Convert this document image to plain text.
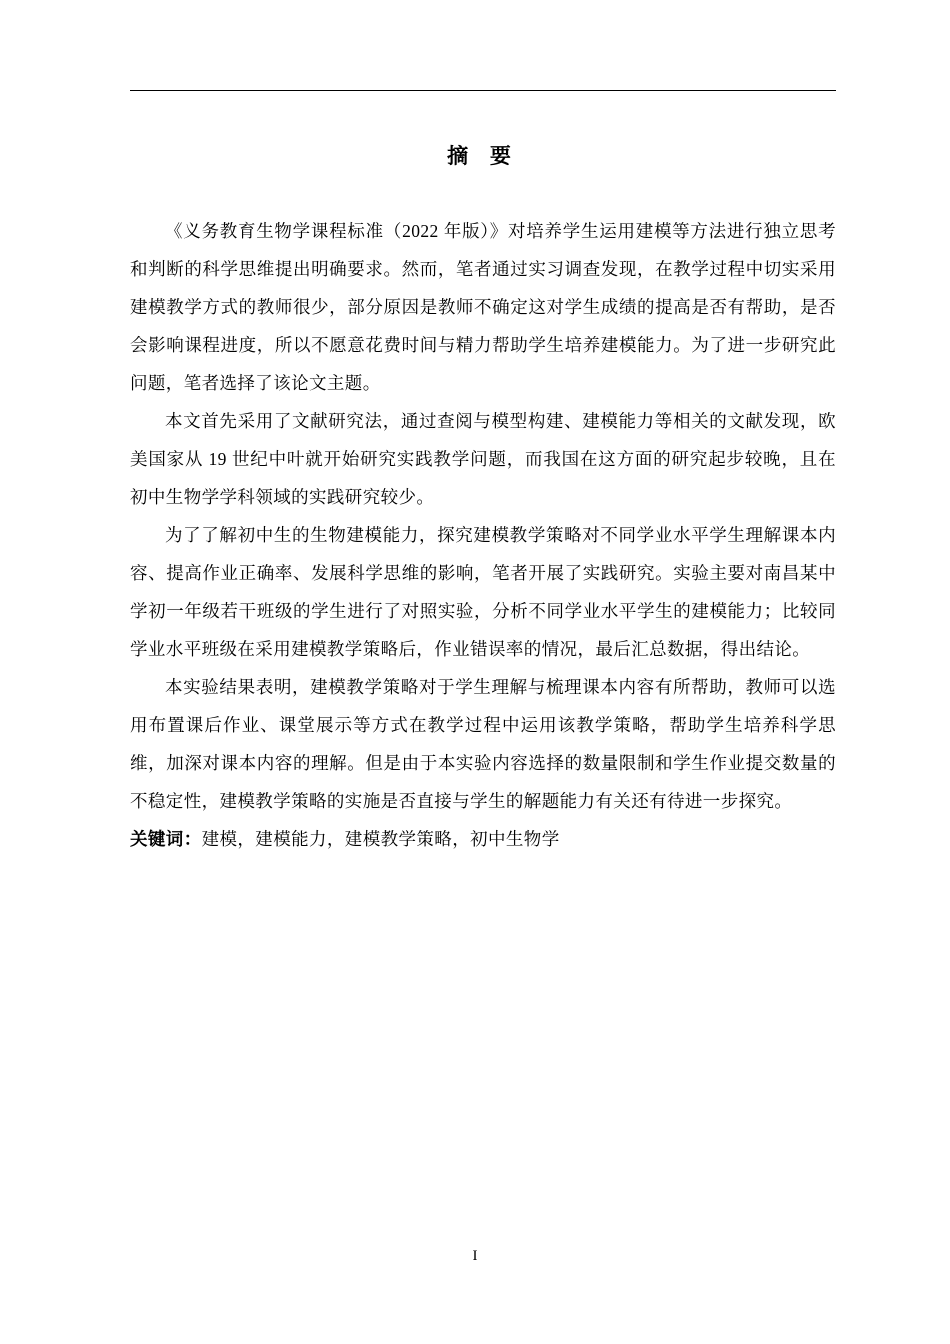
摘 要

《义务教育生物学课程标准（2022 年版）》对培养学生运用建模等方法进行独立思考和判断的科学思维提出明确要求。然而，笔者通过实习调查发现，在教学过程中切实采用建模教学方式的教师很少，部分原因是教师不确定这对学生成绩的提高是否有帮助，是否会影响课程进度，所以不愿意花费时间与精力帮助学生培养建模能力。为了进一步研究此问题，笔者选择了该论文主题。

本文首先采用了文献研究法，通过查阅与模型构建、建模能力等相关的文献发现，欧美国家从 19 世纪中叶就开始研究实践教学问题，而我国在这方面的研究起步较晚，且在初中生物学学科领域的实践研究较少。

为了了解初中生的生物建模能力，探究建模教学策略对不同学业水平学生理解课本内容、提高作业正确率、发展科学思维的影响，笔者开展了实践研究。实验主要对南昌某中学初一年级若干班级的学生进行了对照实验，分析不同学业水平学生的建模能力；比较同学业水平班级在采用建模教学策略后，作业错误率的情况，最后汇总数据，得出结论。

本实验结果表明，建模教学策略对于学生理解与梳理课本内容有所帮助，教师可以选用布置课后作业、课堂展示等方式在教学过程中运用该教学策略，帮助学生培养科学思维，加深对课本内容的理解。但是由于本实验内容选择的数量限制和学生作业提交数量的不稳定性，建模教学策略的实施是否直接与学生的解题能力有关还有待进一步探究。

关键词：建模，建模能力，建模教学策略，初中生物学

I
